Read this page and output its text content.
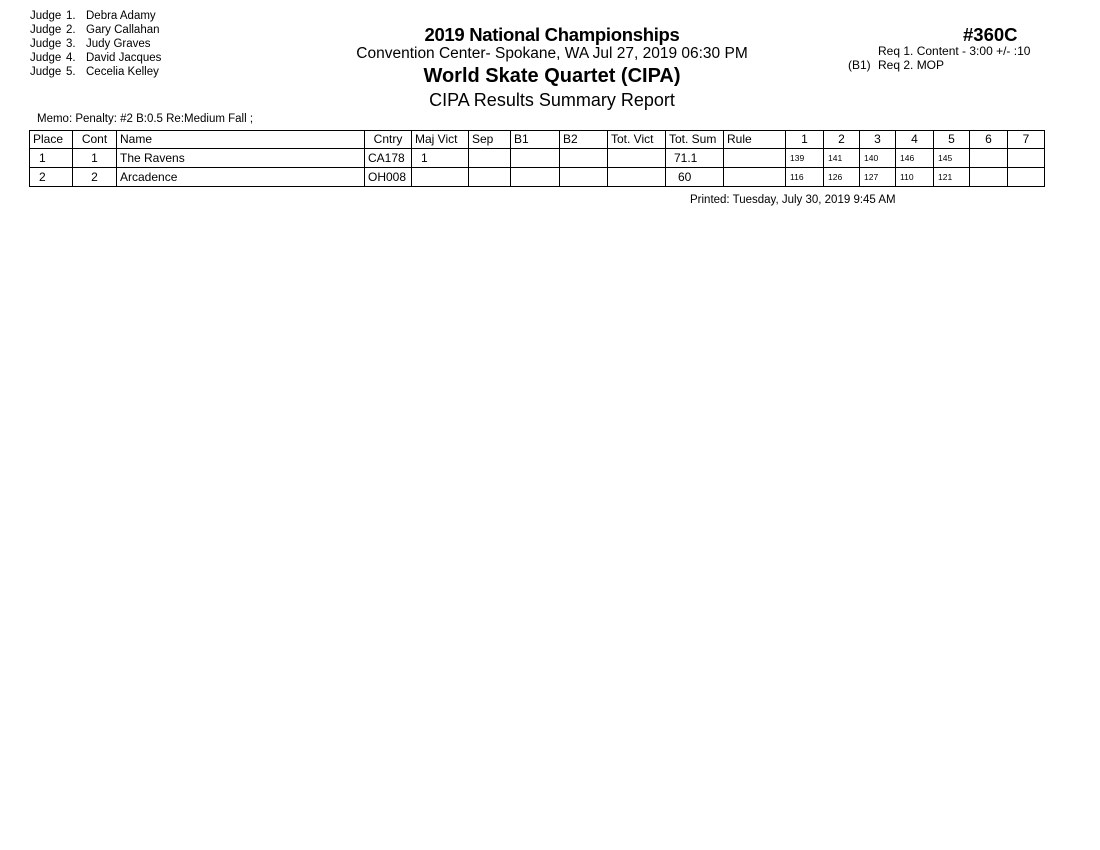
Judge 1. Debra Adamy
Judge 2. Gary Callahan
Judge 3. Judy Graves
Judge 4. David Jacques
Judge 5. Cecelia Kelley
2019 National Championships
Convention Center- Spokane, WA Jul 27, 2019 06:30 PM
World Skate Quartet (CIPA)
CIPA Results Summary Report
#360C
Req 1. Content - 3:00 +/- :10
(B1) Req 2. MOP
Memo: Penalty: #2 B:0.5 Re:Medium Fall ;
Place	Cont	Name	Cntry	Maj Vict	Sep	B1	B2	Tot. Vict	Tot. Sum	Rule	1	2	3	4	5	6	7
1	1	The Ravens	CA178	1					71.1		139	141	140	146	145		
2	2	Arcadence	OH008						60		116	126	127	110	121		
Printed: Tuesday, July 30, 2019 9:45 AM
